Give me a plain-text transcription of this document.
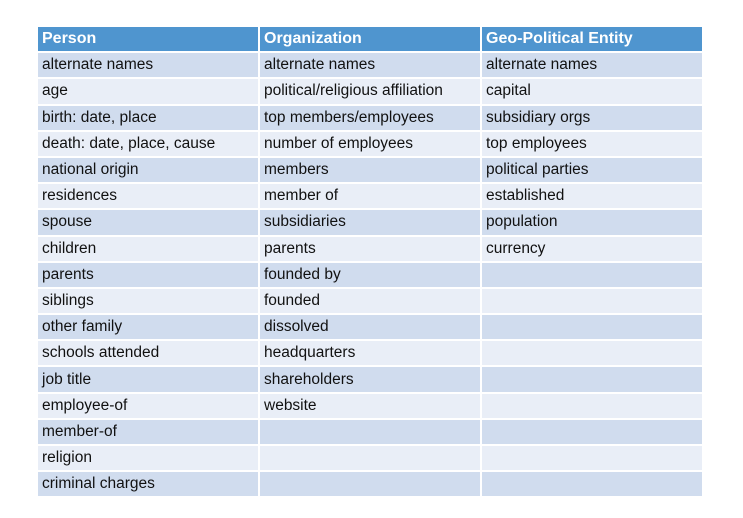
Person	Organization	Geo-Political Entity
alternate names	alternate names	alternate names
age	political/religious affiliation	capital
birth: date, place	top members/employees	subsidiary orgs
death: date, place, cause	number of employees	top employees
national origin	members	political parties
residences	member of	established
spouse	subsidiaries	population
children	parents	currency
parents	founded by	
siblings	founded	
other family	dissolved	
schools attended	headquarters	
job title	shareholders	
employee-of	website	
member-of		
religion		
criminal charges		
